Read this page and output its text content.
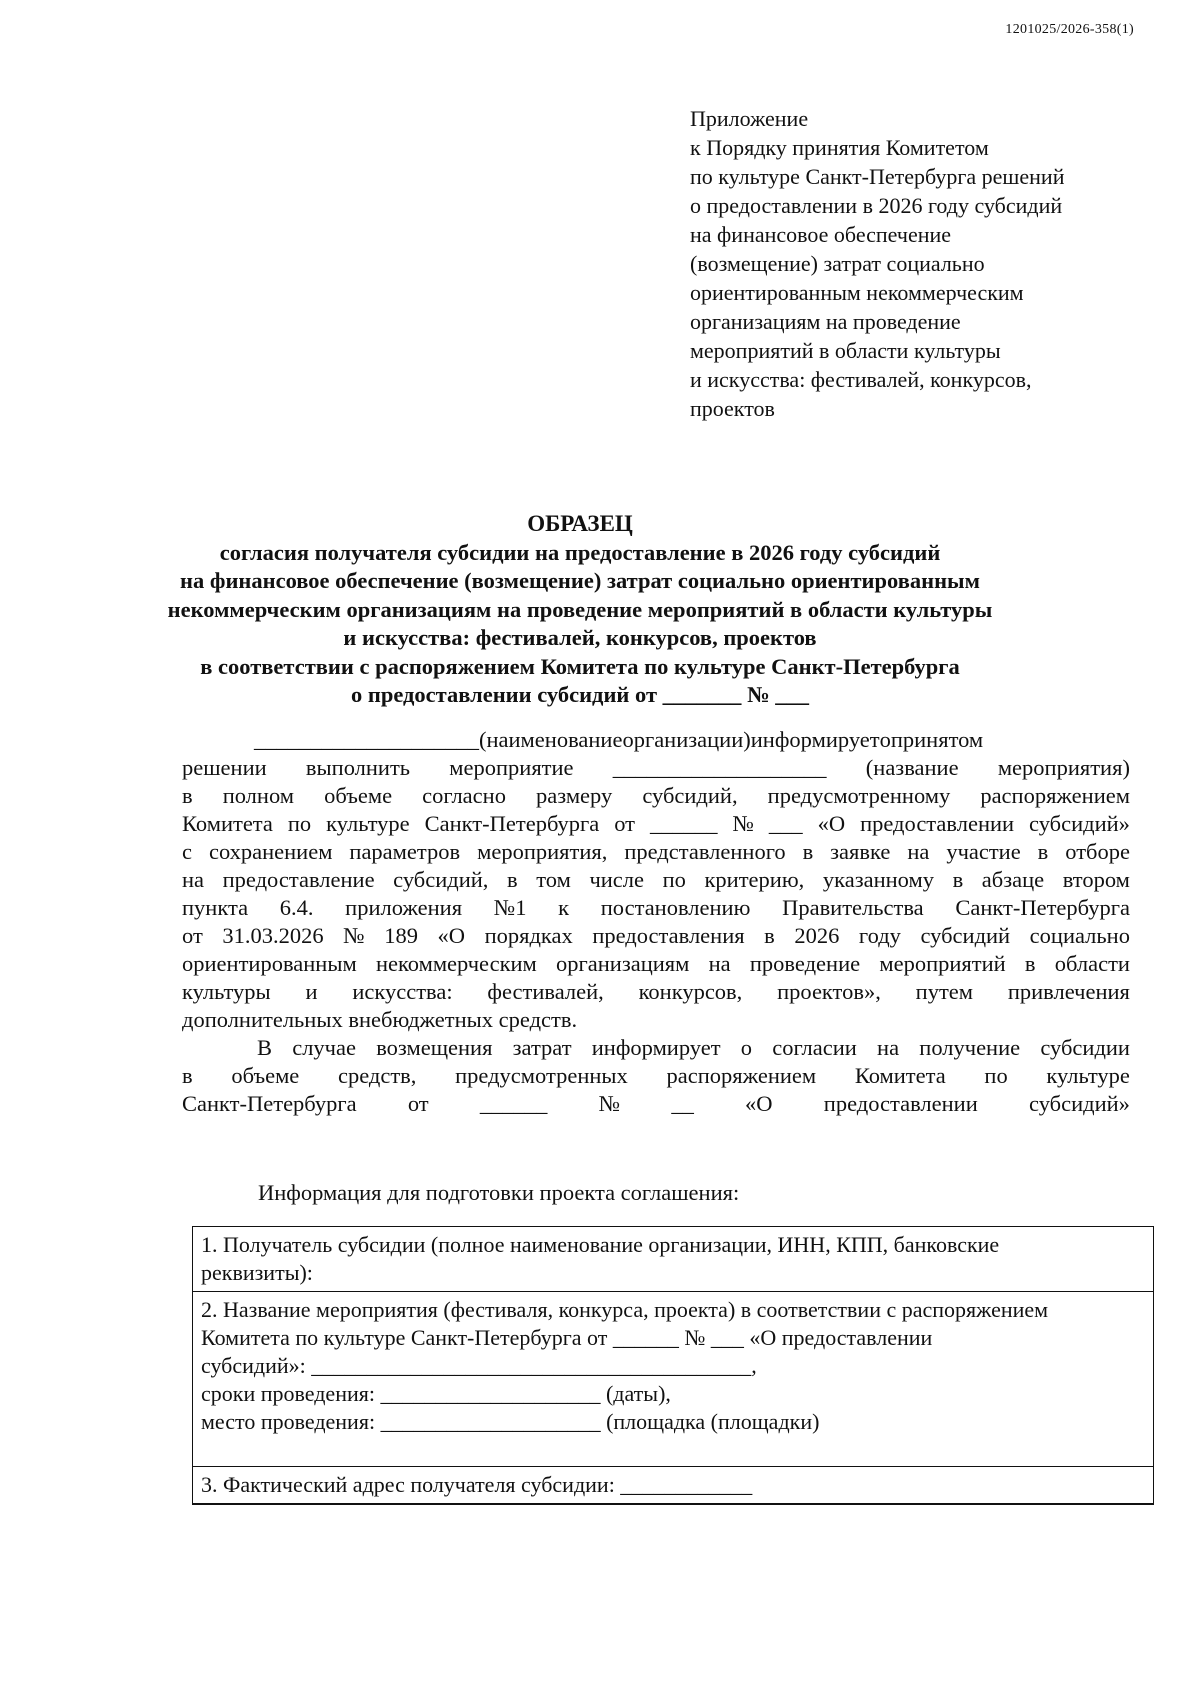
1201025/2026-358(1)
Приложение
к Порядку принятия Комитетом
по культуре Санкт-Петербурга решений
о предоставлении в 2026 году субсидий
на финансовое обеспечение
(возмещение) затрат социально
ориентированным некоммерческим
организациям на проведение
мероприятий в области культуры
и искусства: фестивалей, конкурсов,
проектов
ОБРАЗЕЦ
согласия получателя субсидии на предоставление в 2026 году субсидий
на финансовое обеспечение (возмещение) затрат социально ориентированным
некоммерческим организациям на проведение мероприятий в области культуры
и искусства: фестивалей, конкурсов, проектов
в соответствии с распоряжением Комитета по культуре Санкт-Петербурга
о предоставлении субсидий от _______ № ___
____________________(наименование организации) информирует о принятом
решении выполнить мероприятие ___________________ (название мероприятия)
в полном объеме согласно размеру субсидий, предусмотренному распоряжением
Комитета по культуре Санкт-Петербурга от ______ № ___ «О предоставлении субсидий»
с сохранением параметров мероприятия, представленного в заявке на участие в отборе
на предоставление субсидий, в том числе по критерию, указанному в абзаце втором
пункта 6.4. приложения №1 к постановлению Правительства Санкт-Петербурга
от 31.03.2026 № 189 «О порядках предоставления в 2026 году субсидий социально
ориентированным некоммерческим организациям на проведение мероприятий в области
культуры и искусства: фестивалей, конкурсов, проектов», путем привлечения
дополнительных внебюджетных средств.
В случае возмещения затрат информирует о согласии на получение субсидии
в объеме средств, предусмотренных распоряжением Комитета по культуре
Санкт-Петербурга от ______ № __ «О предоставлении субсидий»
Информация для подготовки проекта соглашения:
1. Получатель субсидии (полное наименование организации, ИНН, КПП, банковские
реквизиты):
2. Название мероприятия (фестиваля, конкурса, проекта) в соответствии с распоряжением
Комитета по культуре Санкт-Петербурга от ______ № ___ «О предоставлении
субсидий»: ________________________________________,
сроки проведения: ____________________ (даты),
место проведения: ____________________ (площадка (площадки)
3. Фактический адрес получателя субсидии: ____________
